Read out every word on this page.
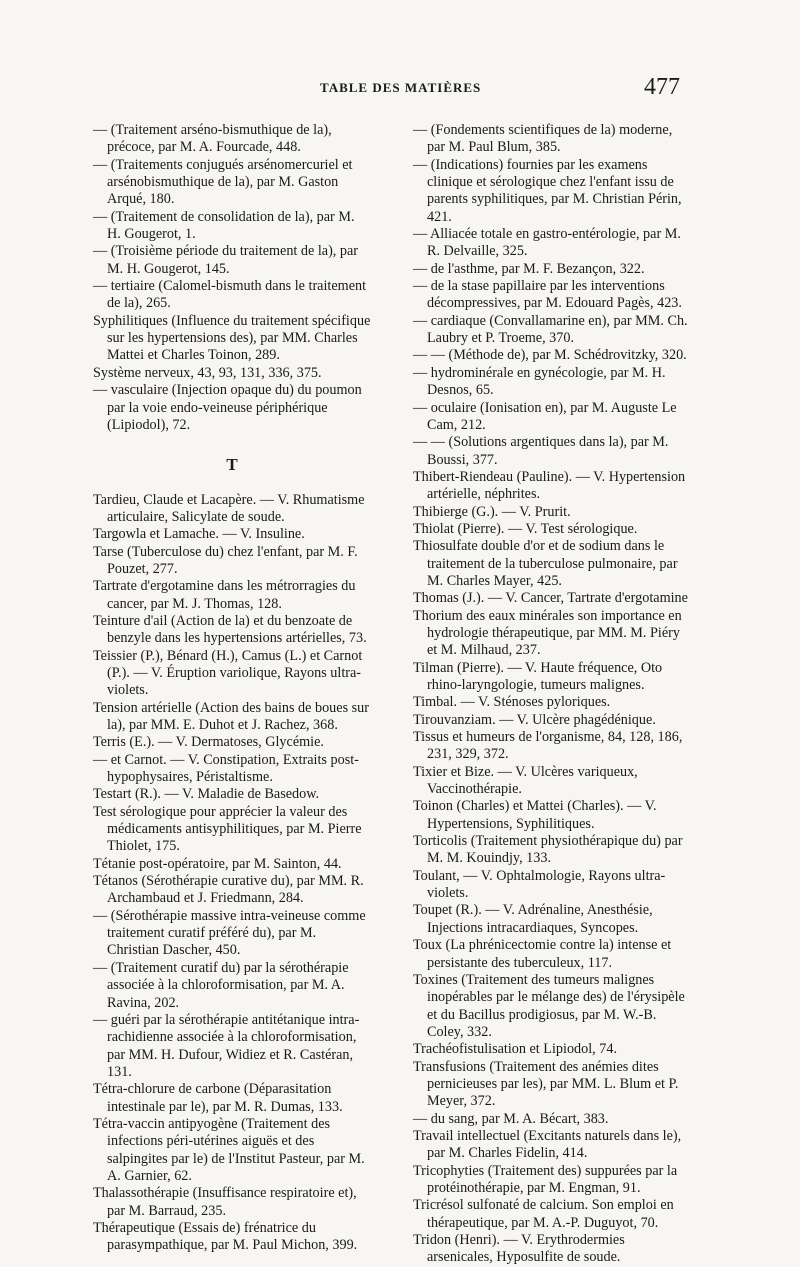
TABLE DES MATIÈRES	477

— (Traitement arséno-bismuthique de la), précoce, par M. A. Fourcade, 448.

— (Traitements conjugués arsénomercuriel et arsénobismuthique de la), par M. Gaston Arqué, 180.

— (Traitement de consolidation de la), par M. H. Gougerot, 1.

— (Troisième période du traitement de la), par M. H. Gougerot, 145.

— tertiaire (Calomel-bismuth dans le traitement de la), 265.

Syphilitiques (Influence du traitement spécifique sur les hypertensions des), par MM. Charles Mattei et Charles Toinon, 289.

Système nerveux, 43, 93, 131, 336, 375.

— vasculaire (Injection opaque du) du poumon par la voie endo-veineuse périphérique (Lipiodol), 72.

T

Tardieu, Claude et Lacapère. — V. Rhumatisme articulaire, Salicylate de soude.

Targowla et Lamache. — V. Insuline.

Tarse (Tuberculose du) chez l'enfant, par M. F. Pouzet, 277.

Tartrate d'ergotamine dans les métrorragies du cancer, par M. J. Thomas, 128.

Teinture d'ail (Action de la) et du benzoate de benzyle dans les hypertensions artérielles, 73.

Teissier (P.), Bénard (H.), Camus (L.) et Carnot (P.). — V. Éruption variolique, Rayons ultra-violets.

Tension artérielle (Action des bains de boues sur la), par MM. E. Duhot et J. Rachez, 368.

Terris (E.). — V. Dermatoses, Glycémie.

— et Carnot. — V. Constipation, Extraits post-hypophysaires, Péristaltisme.

Testart (R.). — V. Maladie de Basedow.

Test sérologique pour apprécier la valeur des médicaments antisyphilitiques, par M. Pierre Thiolet, 175.

Tétanie post-opératoire, par M. Sainton, 44.

Tétanos (Sérothérapie curative du), par MM. R. Archambaud et J. Friedmann, 284.

— (Sérothérapie massive intra-veineuse comme traitement curatif préféré du), par M. Christian Dascher, 450.

— (Traitement curatif du) par la sérothérapie associée à la chloroformisation, par M. A. Ravina, 202.

— guéri par la sérothérapie antitétanique intra-rachidienne associée à la chloroformisation, par MM. H. Dufour, Widiez et R. Castéran, 131.

Tétra-chlorure de carbone (Déparasitation intestinale par le), par M. R. Dumas, 133.

Tétra-vaccin antipyogène (Traitement des infections péri-utérines aiguës et des salpingites par le) de l'Institut Pasteur, par M. A. Garnier, 62.

Thalassothérapie (Insuffisance respiratoire et), par M. Barraud, 235.

Thérapeutique (Essais de) frénatrice du parasympathique, par M. Paul Michon, 399.

— (Fondements scientifiques de la) moderne, par M. Paul Blum, 385.

— (Indications) fournies par les examens clinique et sérologique chez l'enfant issu de parents syphilitiques, par M. Christian Périn, 421.

— Alliacée totale en gastro-entérologie, par M. R. Delvaille, 325.

— de l'asthme, par M. F. Bezançon, 322.

— de la stase papillaire par les interventions décompressives, par M. Edouard Pagès, 423.

— cardiaque (Convallamarine en), par MM. Ch. Laubry et P. Troeme, 370.

— — (Méthode de), par M. Schédrovitzky, 320.

— hydrominérale en gynécologie, par M. H. Desnos, 65.

— oculaire (Ionisation en), par M. Auguste Le Cam, 212.

— — (Solutions argentiques dans la), par M. Boussi, 377.

Thibert-Riendeau (Pauline). — V. Hypertension artérielle, néphrites.

Thibierge (G.). — V. Prurit.

Thiolat (Pierre). — V. Test sérologique.

Thiosulfate double d'or et de sodium dans le traitement de la tuberculose pulmonaire, par M. Charles Mayer, 425.

Thomas (J.). — V. Cancer, Tartrate d'ergotamine

Thorium des eaux minérales son importance en hydrologie thérapeutique, par MM. M. Piéry et M. Milhaud, 237.

Tilman (Pierre). — V. Haute fréquence, Oto rhino-laryngologie, tumeurs malignes.

Timbal. — V. Sténoses pyloriques.

Tirouvanziam. — V. Ulcère phagédénique.

Tissus et humeurs de l'organisme, 84, 128, 186, 231, 329, 372.

Tixier et Bize. — V. Ulcères variqueux, Vaccinothérapie.

Toinon (Charles) et Mattei (Charles). — V. Hypertensions, Syphilitiques.

Torticolis (Traitement physiothérapique du) par M. M. Kouindjy, 133.

Toulant, — V. Ophtalmologie, Rayons ultra-violets.

Toupet (R.). — V. Adrénaline, Anesthésie, Injections intracardiaques, Syncopes.

Toux (La phrénicectomie contre la) intense et persistante des tuberculeux, 117.

Toxines (Traitement des tumeurs malignes inopérables par le mélange des) de l'érysipèle et du Bacillus prodigiosus, par M. W.-B. Coley, 332.

Trachéofistulisation et Lipiodol, 74.

Transfusions (Traitement des anémies dites pernicieuses par les), par MM. L. Blum et P. Meyer, 372.

— du sang, par M. A. Bécart, 383.

Travail intellectuel (Excitants naturels dans le), par M. Charles Fidelin, 414.

Tricophyties (Traitement des) suppurées par la protéinothérapie, par M. Engman, 91.

Tricrésol sulfonaté de calcium. Son emploi en thérapeutique, par M. A.-P. Duguyot, 70.

Tridon (Henri). — V. Erythrodermies arsenicales, Hyposulfite de soude.
